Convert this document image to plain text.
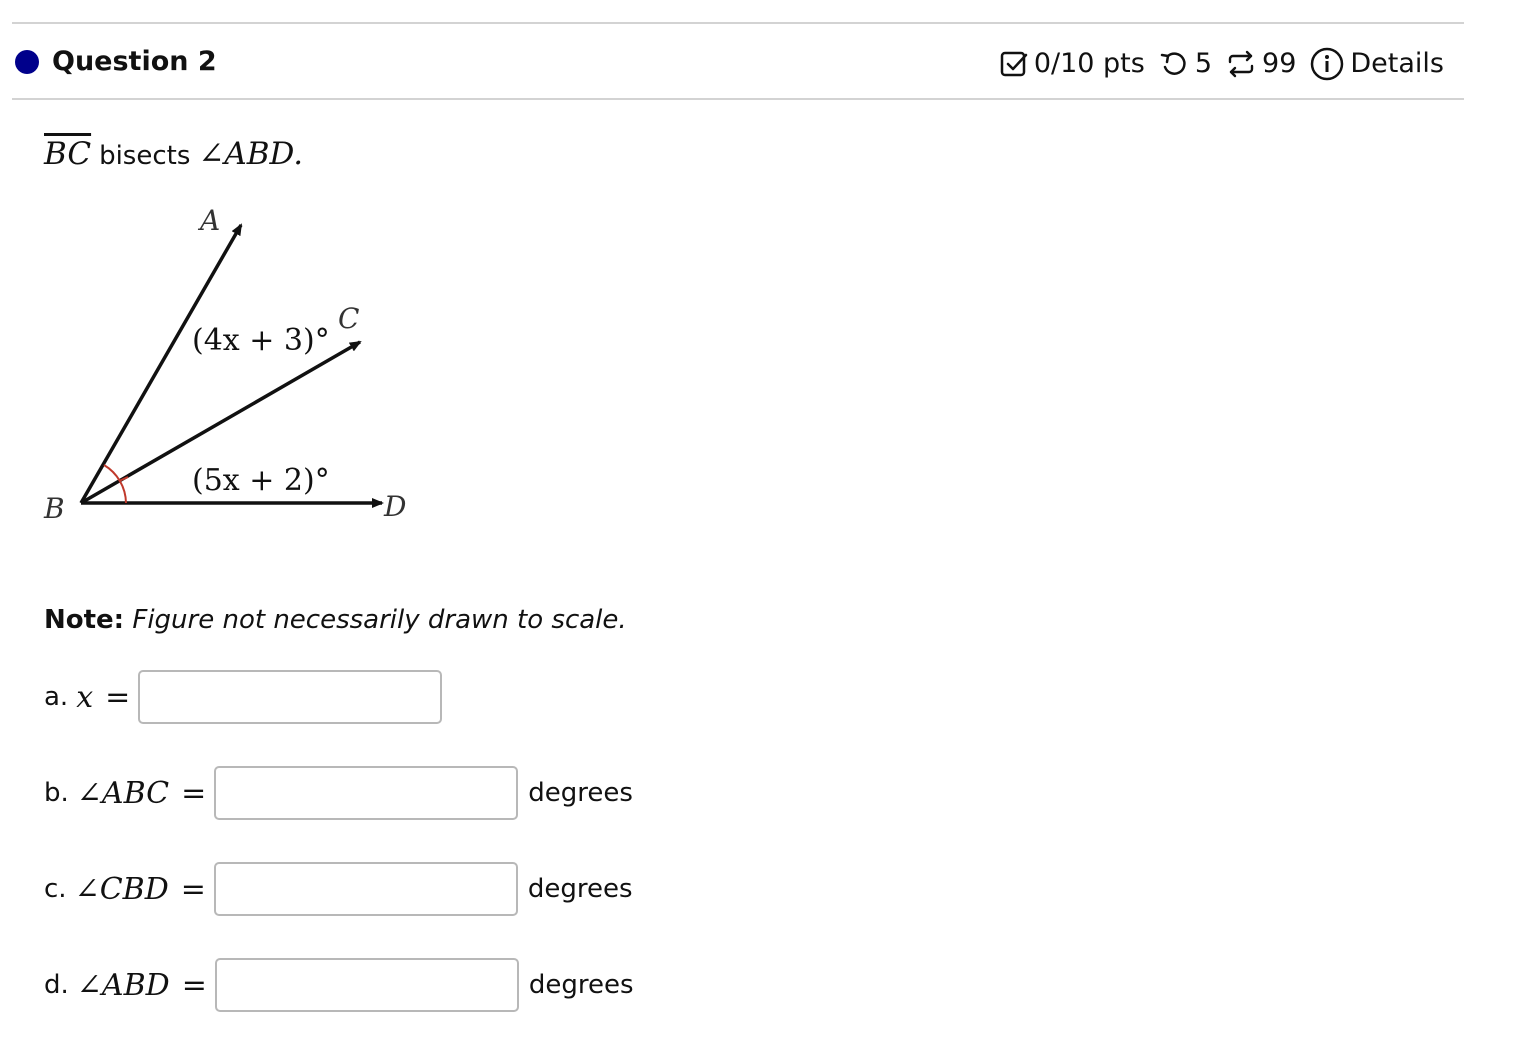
Question 2	0/10 pts 5 99 Details
$\overline{BC}$ bisects ∠ABD.
A
B
C
D
(4x + 3)°
(5x + 2)°
Note: Figure not necessarily drawn to scale.
a. x =
b. ∠ABC =	degrees
c. ∠CBD =	degrees
d. ∠ABD =	degrees
